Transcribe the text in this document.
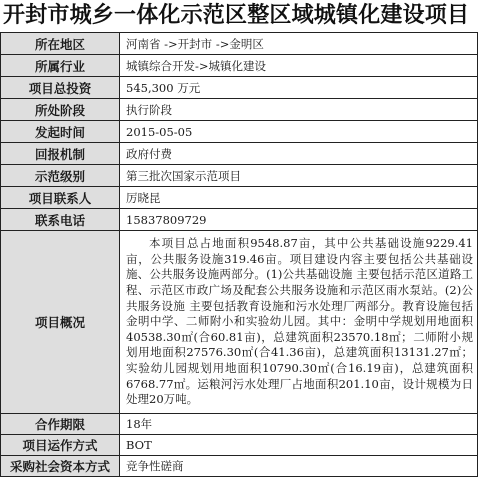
开封市城乡一体化示范区整区域城镇化建设项目
所在地区	河南省 ->开封市 ->金明区
所属行业	城镇综合开发->城镇化建设
项目总投资	545,300 万元
所处阶段	执行阶段
发起时间	2015-05-05
回报机制	政府付费
示范级别	第三批次国家示范项目
项目联系人	厉晓昆
联系电话	15837809729
项目概况	本项目总占地面积9548.87亩，其中公共基础设施9229.41亩，公共服务设施319.46亩。项目建设内容主要包括公共基础设施、公共服务设施两部分。(1)公共基础设施 主要包括示范区道路工程、示范区市政广场及配套公共服务设施和示范区雨水泵站。(2)公共服务设施 主要包括教育设施和污水处理厂两部分。教育设施包括金明中学、二师附小和实验幼儿园。其中：金明中学规划用地面积40538.30㎡(合60.81亩)，总建筑面积23570.18㎡；二师附小规划用地面积27576.30㎡(合41.36亩)，总建筑面积13131.27㎡；实验幼儿园规划用地面积10790.30㎡(合16.19亩)，总建筑面积6768.77㎡。运粮河污水处理厂占地面积201.10亩，设计规模为日处理20万吨。
合作期限	18年
项目运作方式	BOT
采购社会资本方式	竞争性磋商
